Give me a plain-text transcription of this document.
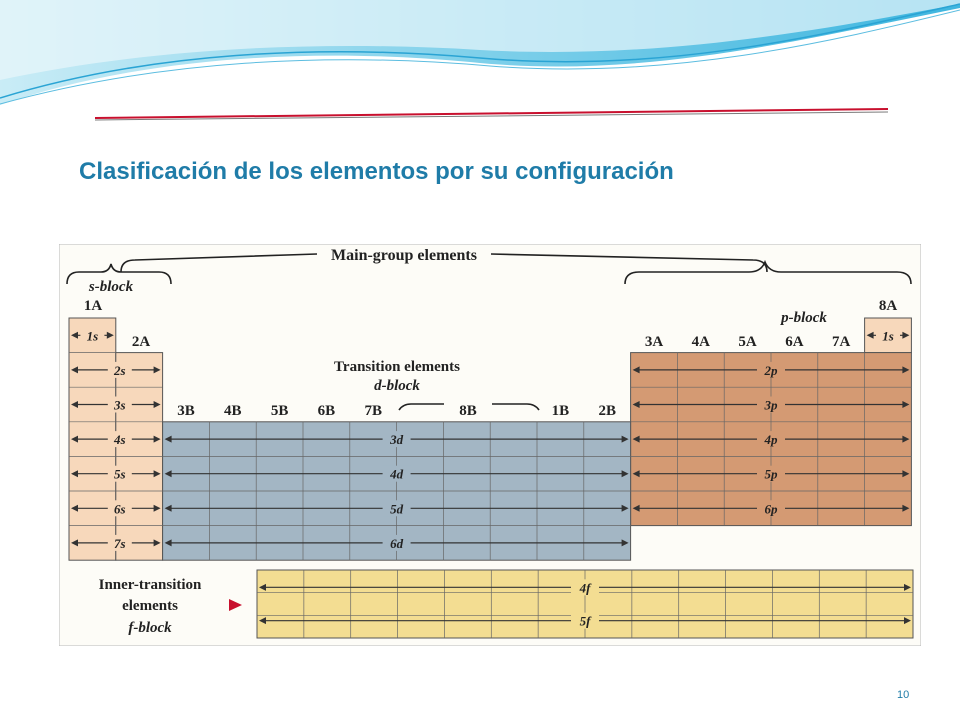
Clasificación de los elementos por su configuración
Main-group elements
s-block
p-block
Transition elements
d-block
1A
2A
8A
3A 4A 5A 6A 7A
3B 4B 5B 6B 7B	1B 2B
8B
1s
2s
3s
4s
5s
6s
7s
1s
3d
4d
5d
6d
2p
3p
4p
5p
6p
4f
5f
Inner-transition
elements
f-block
10
